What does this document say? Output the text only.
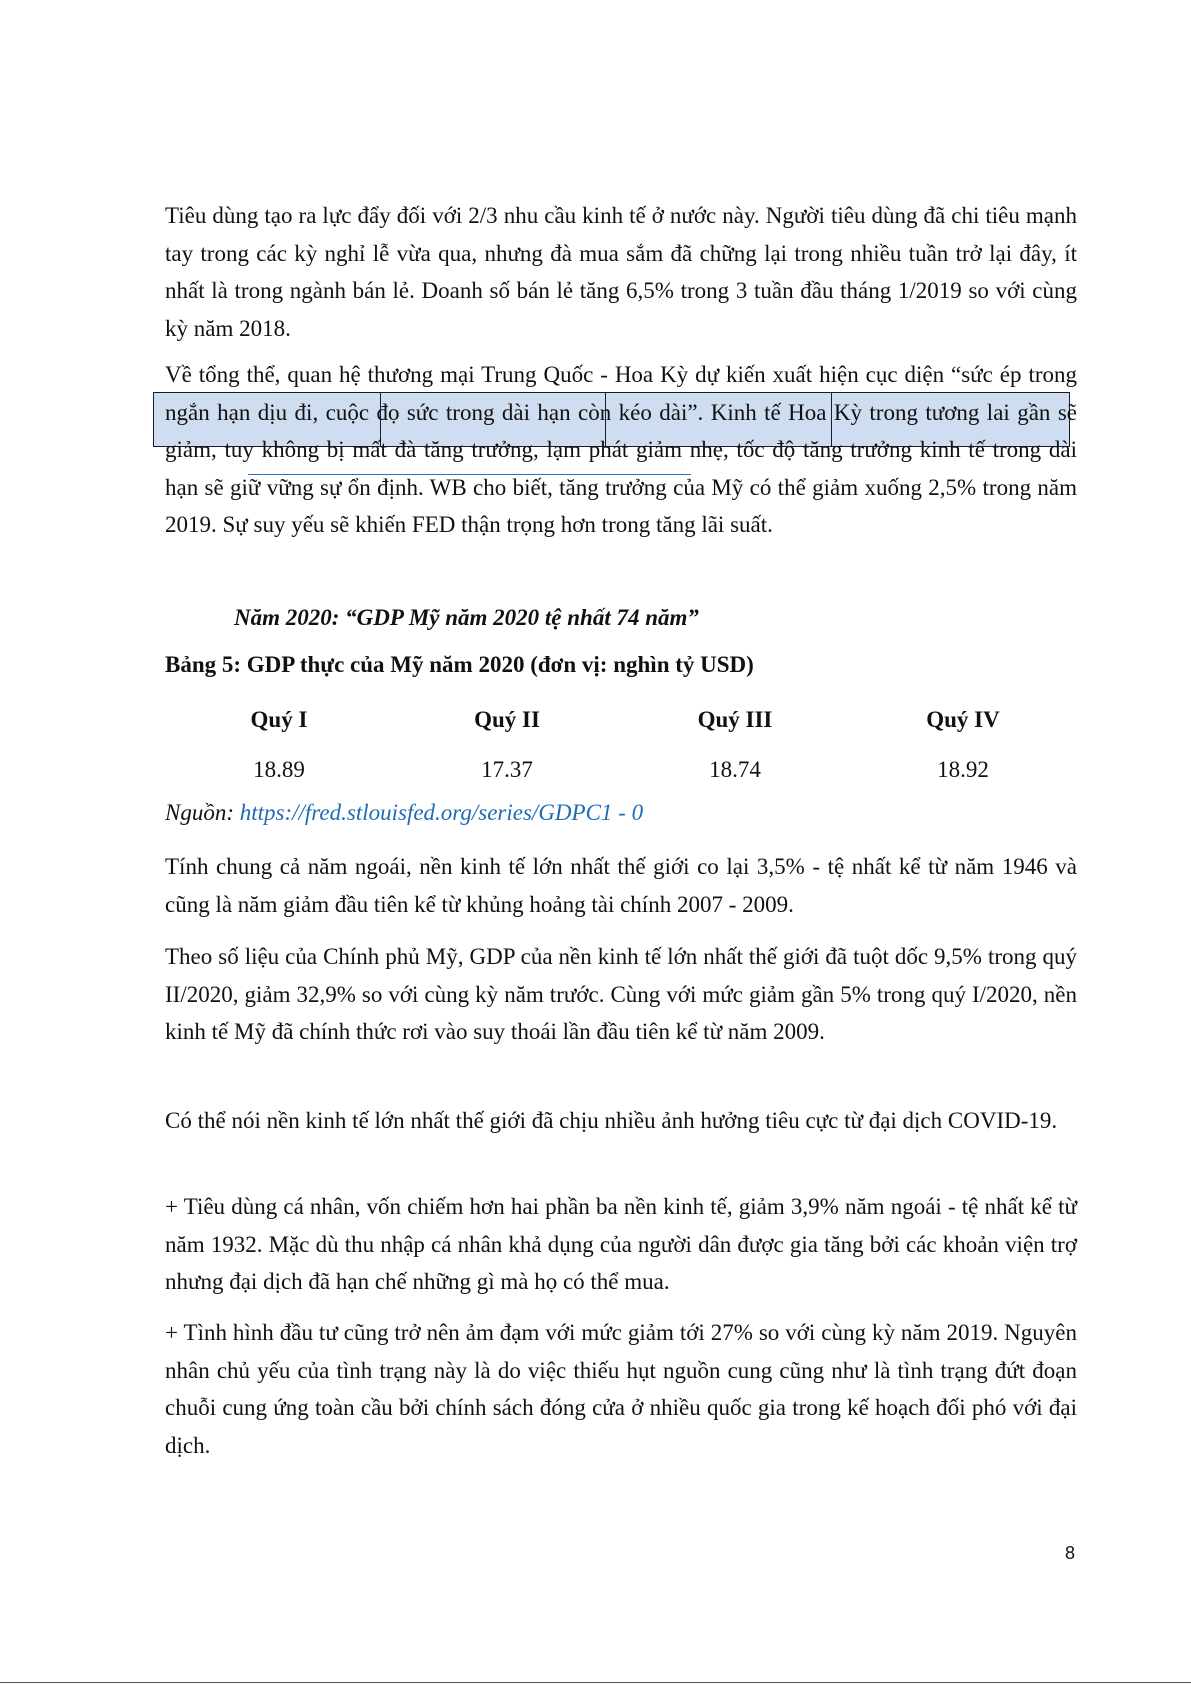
Tiêu dùng tạo ra lực đẩy đối với 2/3 nhu cầu kinh tế ở nước này. Người tiêu dùng đã chi tiêu mạnh tay trong các kỳ nghỉ lễ vừa qua, nhưng đà mua sắm đã chững lại trong nhiều tuần trở lại đây, ít nhất là trong ngành bán lẻ. Doanh số bán lẻ tăng 6,5% trong 3 tuần đầu tháng 1/2019 so với cùng kỳ năm 2018.

Về tổng thể, quan hệ thương mại Trung Quốc - Hoa Kỳ dự kiến xuất hiện cục diện “sức ép trong ngắn hạn dịu đi, cuộc đọ sức trong dài hạn còn kéo dài”. Kinh tế Hoa Kỳ trong tương lai gần sẽ giảm, tuy không bị mất đà tăng trưởng, lạm phát giảm nhẹ, tốc độ tăng trưởng kinh tế trong dài hạn sẽ giữ vững sự ổn định. WB cho biết, tăng trưởng của Mỹ có thể giảm xuống 2,5% trong năm 2019. Sự suy yếu sẽ khiến FED thận trọng hơn trong tăng lãi suất.

Năm 2020: “GDP Mỹ năm 2020 tệ nhất 74 năm”

Bảng 5: GDP thực của Mỹ năm 2020 (đơn vị: nghìn tỷ USD)

Quý I	Quý II	Quý III	Quý IV
18.89	17.37	18.74	18.92

Nguồn: https://fred.stlouisfed.org/series/GDPC1 - 0

Tính chung cả năm ngoái, nền kinh tế lớn nhất thế giới co lại 3,5% - tệ nhất kể từ năm 1946 và cũng là năm giảm đầu tiên kể từ khủng hoảng tài chính 2007 - 2009.

Theo số liệu của Chính phủ Mỹ, GDP của nền kinh tế lớn nhất thế giới đã tuột dốc 9,5% trong quý II/2020, giảm 32,9% so với cùng kỳ năm trước. Cùng với mức giảm gần 5% trong quý I/2020, nền kinh tế Mỹ đã chính thức rơi vào suy thoái lần đầu tiên kể từ năm 2009.

Có thể nói nền kinh tế lớn nhất thế giới đã chịu nhiều ảnh hưởng tiêu cực từ đại dịch COVID-19.

+ Tiêu dùng cá nhân, vốn chiếm hơn hai phần ba nền kinh tế, giảm 3,9% năm ngoái - tệ nhất kể từ năm 1932. Mặc dù thu nhập cá nhân khả dụng của người dân được gia tăng bởi các khoản viện trợ nhưng đại dịch đã hạn chế những gì mà họ có thể mua.

+ Tình hình đầu tư cũng trở nên ảm đạm với mức giảm tới 27% so với cùng kỳ năm 2019. Nguyên nhân chủ yếu của tình trạng này là do việc thiếu hụt nguồn cung cũng như là tình trạng đứt đoạn chuỗi cung ứng toàn cầu bởi chính sách đóng cửa ở nhiều quốc gia trong kế hoạch đối phó với đại dịch.

8
